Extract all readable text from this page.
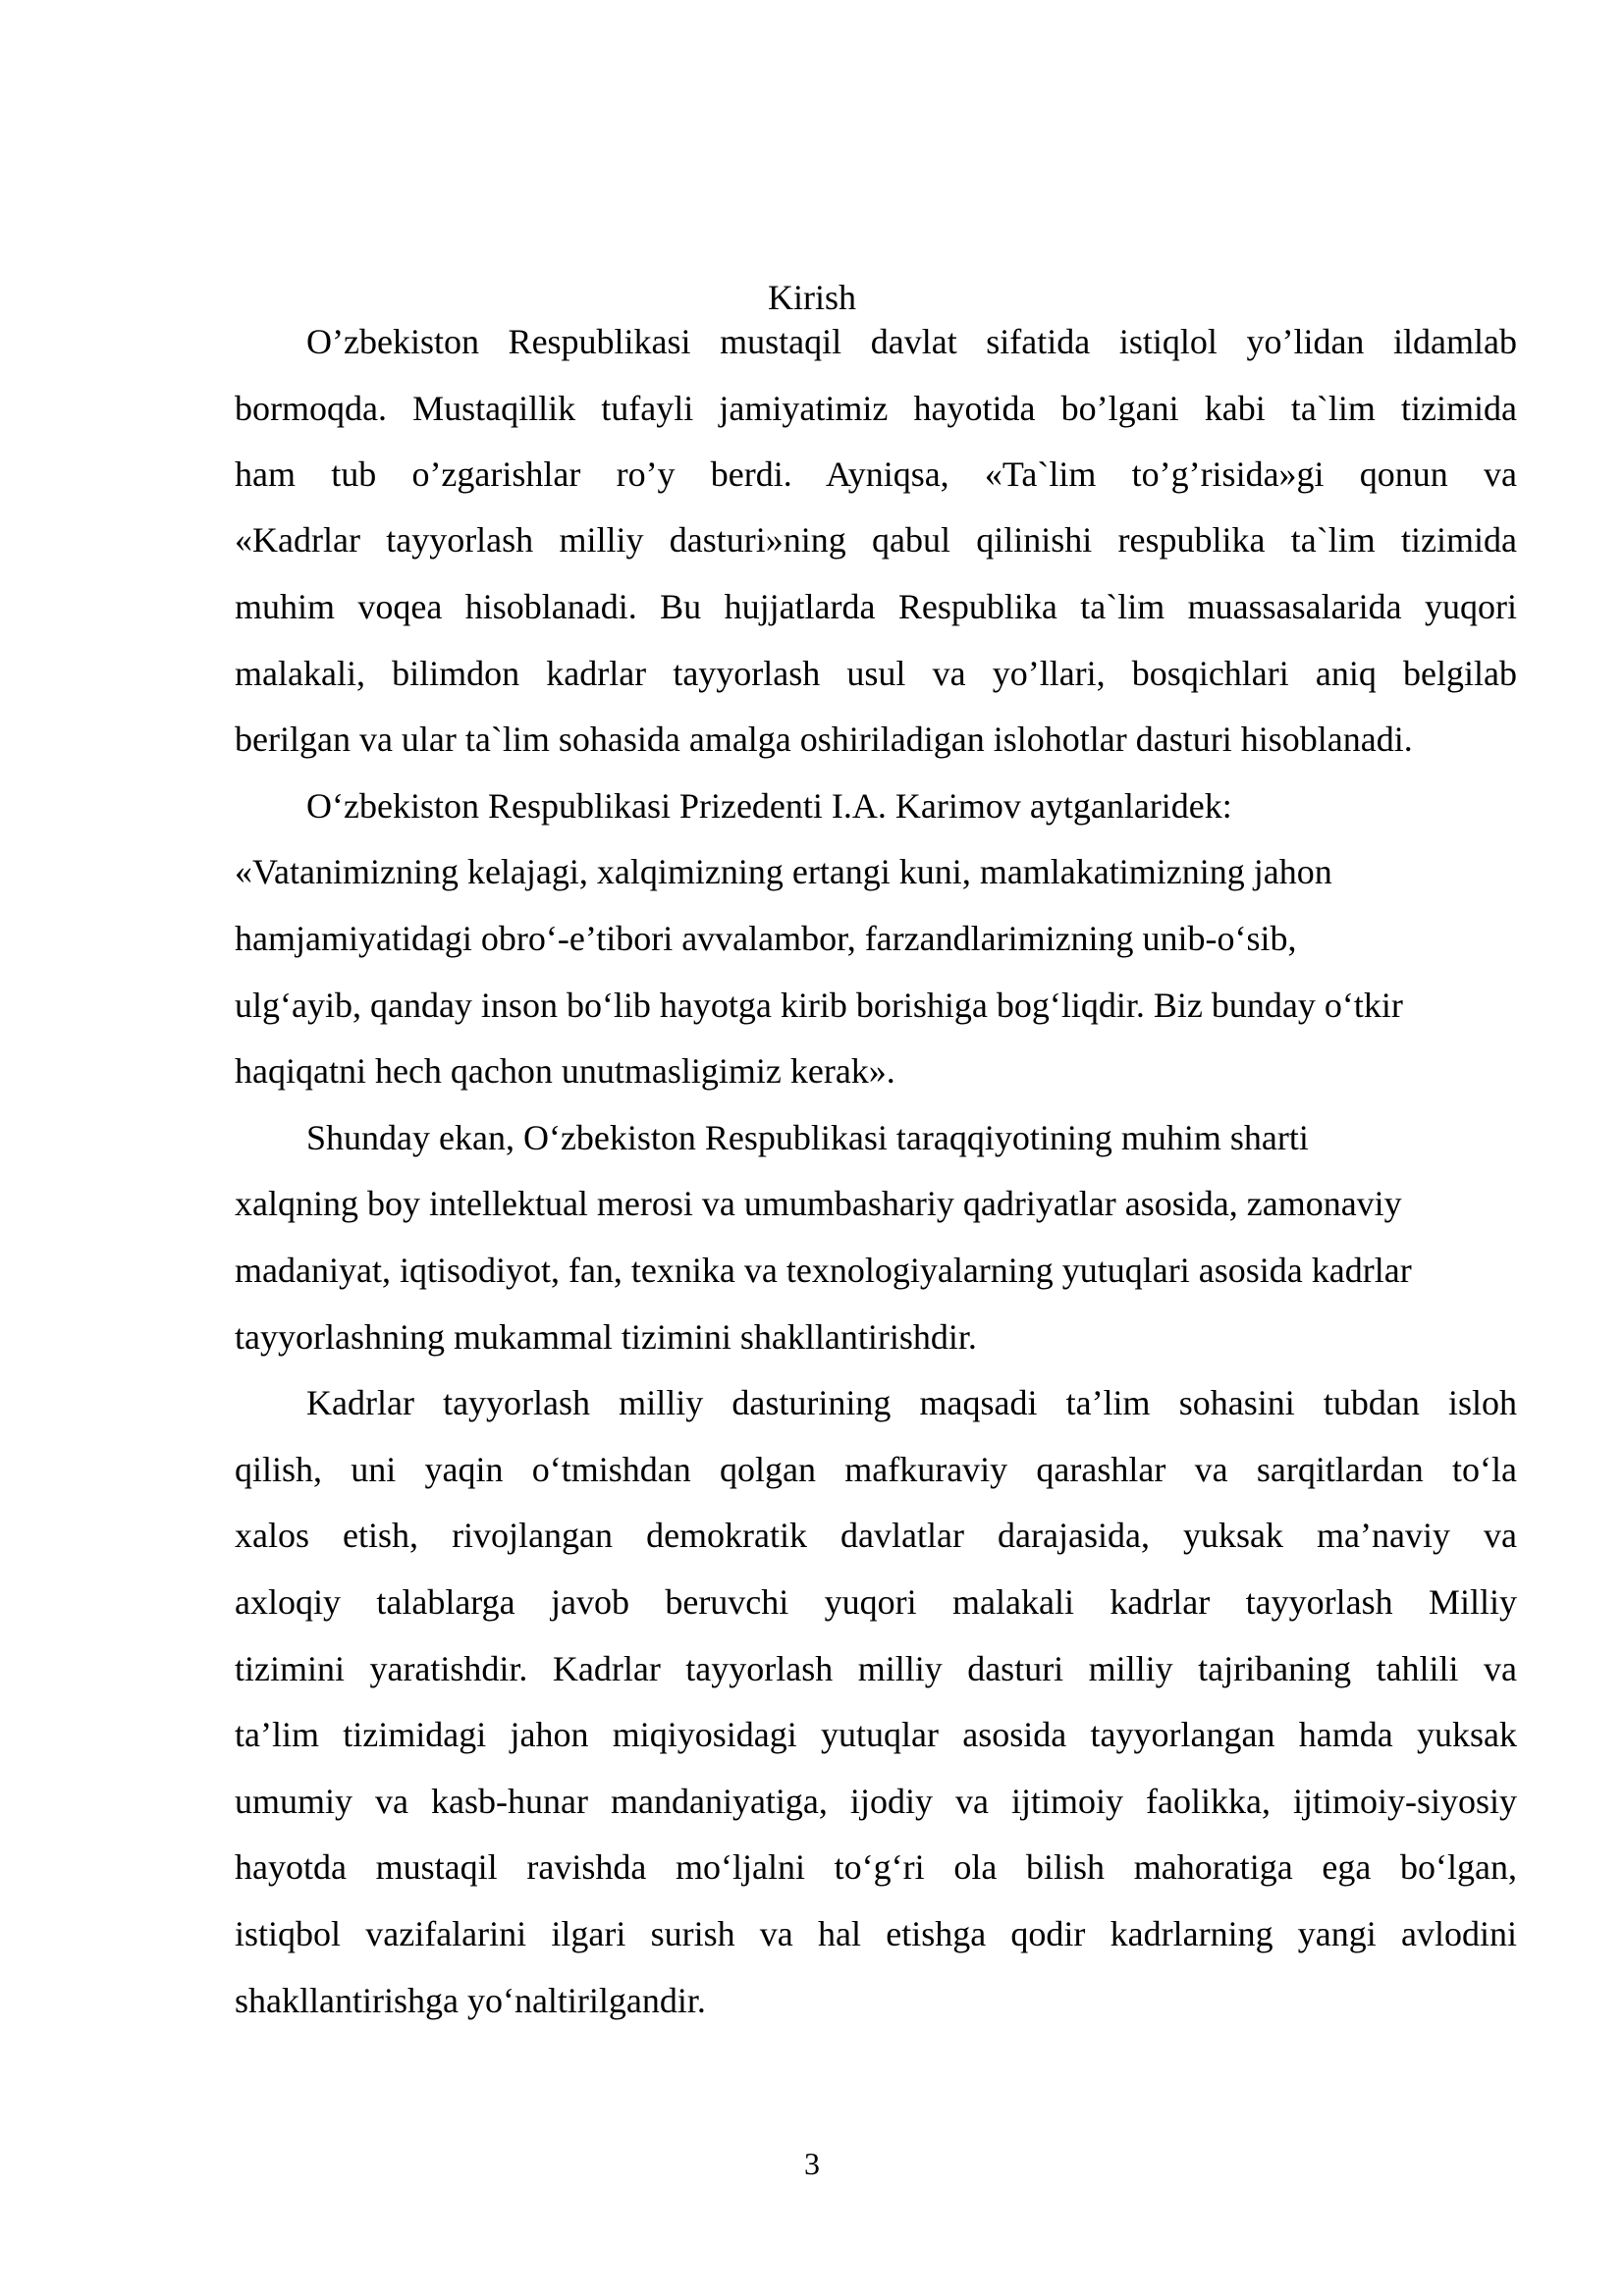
Kirish
O’zbekiston Respublikasi mustaqil davlat sifatida istiqlol yo’lidan ildamlab
bormoqda. Mustaqillik tufayli jamiyatimiz hayotida bo’lgani kabi ta`lim tizimida
ham tub o’zgarishlar ro’y berdi. Ayniqsa, «Ta`lim to’g’risida»gi qonun va
«Kadrlar tayyorlash milliy dasturi»ning qabul qilinishi respublika ta`lim tizimida
muhim voqea hisoblanadi. Bu hujjatlarda Respublika ta`lim muassasalarida yuqori
malakali, bilimdon kadrlar tayyorlash usul va yo’llari, bosqichlari aniq belgilab
berilgan va ular ta`lim sohasida amalga oshiriladigan islohotlar dasturi hisoblanadi.
O‘zbekiston Respublikasi Prizedenti I.A. Karimov aytganlaridek:
«Vatanimizning kelajagi, xalqimizning ertangi kuni, mamlakatimizning jahon
hamjamiyatidagi obro‘-e’tibori avvalambor, farzandlarimizning unib-o‘sib,
ulg‘ayib, qanday inson bo‘lib hayotga kirib borishiga bog‘liqdir. Biz bunday o‘tkir
haqiqatni hech qachon unutmasligimiz kerak».
Shunday ekan, O‘zbekiston Respublikasi taraqqiyotining muhim sharti
xalqning boy intellektual merosi va umumbashariy qadriyatlar asosida, zamonaviy
madaniyat, iqtisodiyot, fan, texnika va texnologiyalarning yutuqlari asosida kadrlar
tayyorlashning mukammal tizimini shakllantirishdir.
Kadrlar tayyorlash milliy dasturining maqsadi ta’lim sohasini tubdan isloh
qilish, uni yaqin o‘tmishdan qolgan mafkuraviy qarashlar va sarqitlardan to‘la
xalos etish, rivojlangan demokratik davlatlar darajasida, yuksak ma’naviy va
axloqiy talablarga javob beruvchi yuqori malakali kadrlar tayyorlash Milliy
tizimini yaratishdir. Kadrlar tayyorlash milliy dasturi milliy tajribaning tahlili va
ta’lim tizimidagi jahon miqiyosidagi yutuqlar asosida tayyorlangan hamda yuksak
umumiy va kasb-hunar mandaniyatiga, ijodiy va ijtimoiy faolikka, ijtimoiy-siyosiy
hayotda mustaqil ravishda mo‘ljalni to‘g‘ri ola bilish mahoratiga ega bo‘lgan,
istiqbol vazifalarini ilgari surish va hal etishga qodir kadrlarning yangi avlodini
shakllantirishga yo‘naltirilgandir.
3
